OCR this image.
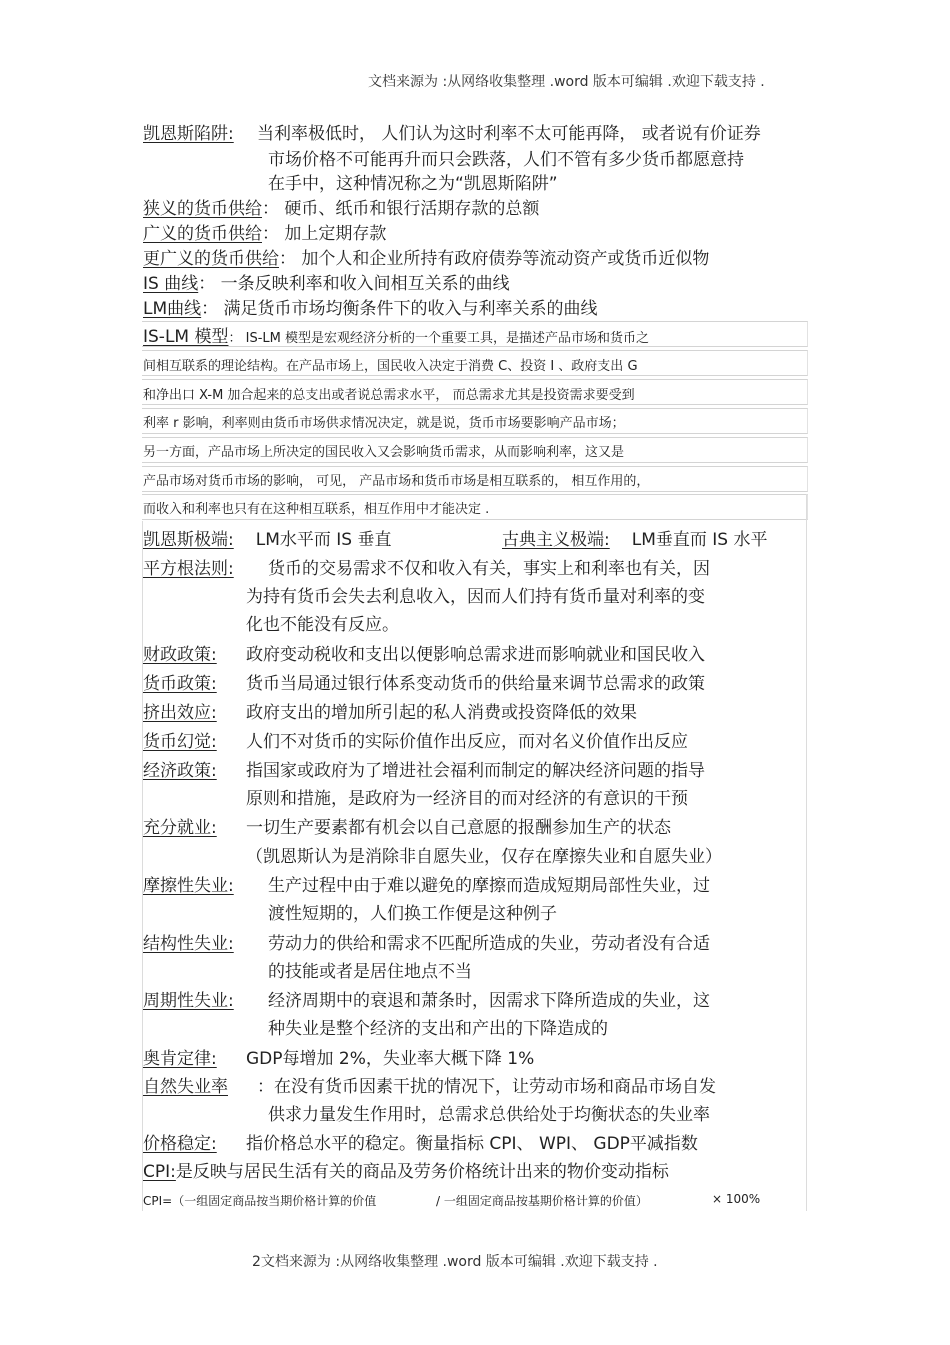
文档来源为 :从网络收集整理 .word 版本可编辑 .欢迎下载支持 .
凯恩斯陷阱: 当利率极低时， 人们认为这时利率不太可能再降， 或者说有价证券
市场价格不可能再升而只会跌落，人们不管有多少货币都愿意持
在手中，这种情况称之为“凯恩斯陷阱”
狭义的货币供给： 硬币、纸币和银行活期存款的总额
广义的货币供给： 加上定期存款
更广义的货币供给： 加个人和企业所持有政府债券等流动资产或货币近似物
IS 曲线： 一条反映利率和收入间相互关系的曲线
LM曲线： 满足货币市场均衡条件下的收入与利率关系的曲线
IS-LM 模型： IS-LM 模型是宏观经济分析的一个重要工具，是描述产品市场和货币之
间相互联系的理论结构。在产品市场上，国民收入决定于消费 C、投资 I 、政府支出 G
和净出口 X-M 加合起来的总支出或者说总需求水平， 而总需求尤其是投资需求要受到
利率 r 影响，利率则由货币市场供求情况决定，就是说，货币市场要影响产品市场；
另一方面，产品市场上所决定的国民收入又会影响货币需求，从而影响利率，这又是
产品市场对货币市场的影响， 可见， 产品市场和货币市场是相互联系的， 相互作用的，
而收入和利率也只有在这种相互联系，相互作用中才能决定 .
凯恩斯极端: LM水平而 IS 垂直	古典主义极端: LM垂直而 IS 水平
平方根法则: 货币的交易需求不仅和收入有关，事实上和利率也有关，因
为持有货币会失去利息收入，因而人们持有货币量对利率的变
化也不能没有反应。
财政政策: 政府变动税收和支出以便影响总需求进而影响就业和国民收入
货币政策: 货币当局通过银行体系变动货币的供给量来调节总需求的政策
挤出效应: 政府支出的增加所引起的私人消费或投资降低的效果
货币幻觉: 人们不对货币的实际价值作出反应，而对名义价值作出反应
经济政策: 指国家或政府为了增进社会福利而制定的解决经济问题的指导
原则和措施，是政府为一经济目的而对经济的有意识的干预
充分就业: 一切生产要素都有机会以自己意愿的报酬参加生产的状态
（凯恩斯认为是消除非自愿失业，仅存在摩擦失业和自愿失业）
摩擦性失业: 生产过程中由于难以避免的摩擦而造成短期局部性失业，过
渡性短期的，人们换工作便是这种例子
结构性失业: 劳动力的供给和需求不匹配所造成的失业，劳动者没有合适
的技能或者是居住地点不当
周期性失业: 经济周期中的衰退和萧条时，因需求下降所造成的失业，这
种失业是整个经济的支出和产出的下降造成的
奥肯定律: GDP每增加 2%，失业率大概下降 1%
自然失业率 ：在没有货币因素干扰的情况下，让劳动市场和商品市场自发
供求力量发生作用时，总需求总供给处于均衡状态的失业率
价格稳定: 指价格总水平的稳定。衡量指标 CPI、 WPI、 GDP平减指数
CPI:是反映与居民生活有关的商品及劳务价格统计出来的物价变动指标
CPI=（一组固定商品按当期价格计算的价值	/ 一组固定商品按基期价格计算的价值）	× 100%
2文档来源为 :从网络收集整理 .word 版本可编辑 .欢迎下载支持 .
